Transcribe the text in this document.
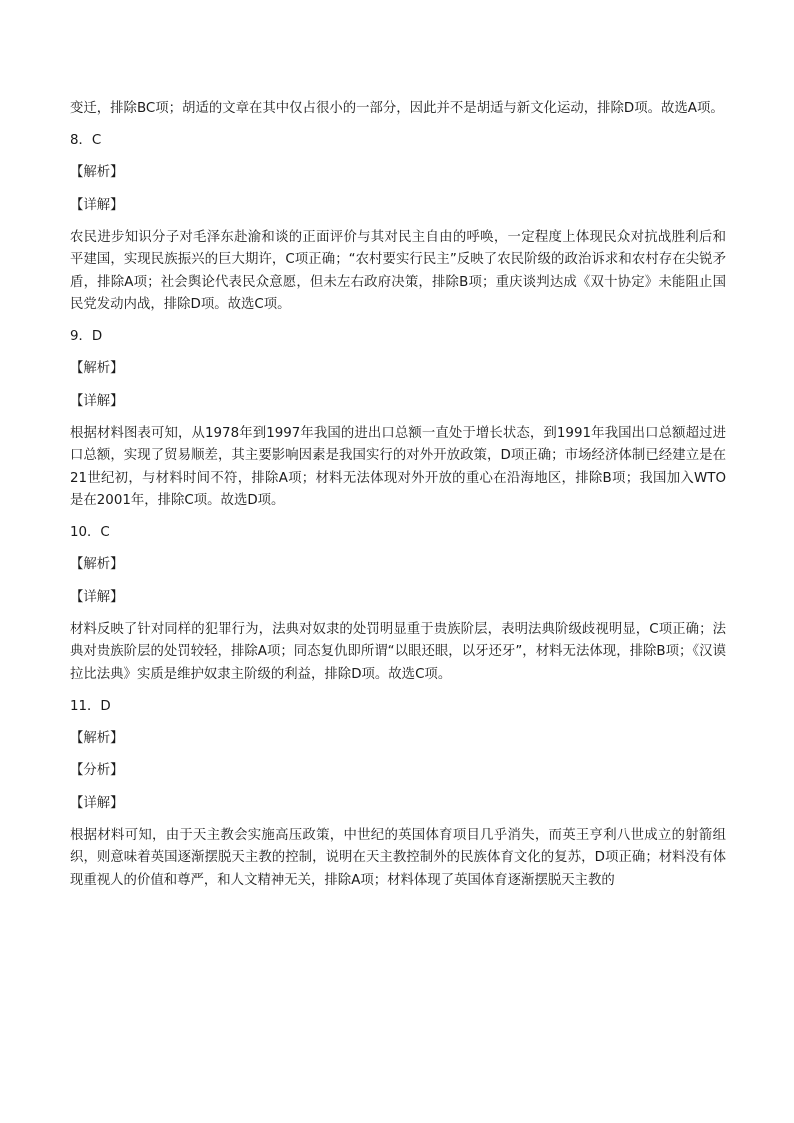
变迁，排除BC项；胡适的文章在其中仅占很小的一部分，因此并不是胡适与新文化运动，排除D项。故选A项。

8．C

【解析】

【详解】

农民进步知识分子对毛泽东赴渝和谈的正面评价与其对民主自由的呼唤，一定程度上体现民众对抗战胜利后和平建国，实现民族振兴的巨大期许，C项正确；“农村要实行民主”反映了农民阶级的政治诉求和农村存在尖锐矛盾，排除A项；社会舆论代表民众意愿，但未左右政府决策，排除B项；重庆谈判达成《双十协定》未能阻止国民党发动内战，排除D项。故选C项。

9．D

【解析】

【详解】

根据材料图表可知，从1978年到1997年我国的进出口总额一直处于增长状态，到1991年我国出口总额超过进口总额，实现了贸易顺差，其主要影响因素是我国实行的对外开放政策，D项正确；市场经济体制已经建立是在21世纪初，与材料时间不符，排除A项；材料无法体现对外开放的重心在沿海地区，排除B项；我国加入WTO是在2001年，排除C项。故选D项。

10．C

【解析】

【详解】

材料反映了针对同样的犯罪行为，法典对奴隶的处罚明显重于贵族阶层，表明法典阶级歧视明显，C项正确；法典对贵族阶层的处罚较轻，排除A项；同态复仇即所谓“以眼还眼，以牙还牙”，材料无法体现，排除B项；《汉谟拉比法典》实质是维护奴隶主阶级的利益，排除D项。故选C项。

11．D

【解析】

【分析】

【详解】

根据材料可知，由于天主教会实施高压政策，中世纪的英国体育项目几乎消失，而英王亨利八世成立的射箭组织，则意味着英国逐渐摆脱天主教的控制，说明在天主教控制外的民族体育文化的复苏，D项正确；材料没有体现重视人的价值和尊严，和人文精神无关，排除A项；材料体现了英国体育逐渐摆脱天主教的
